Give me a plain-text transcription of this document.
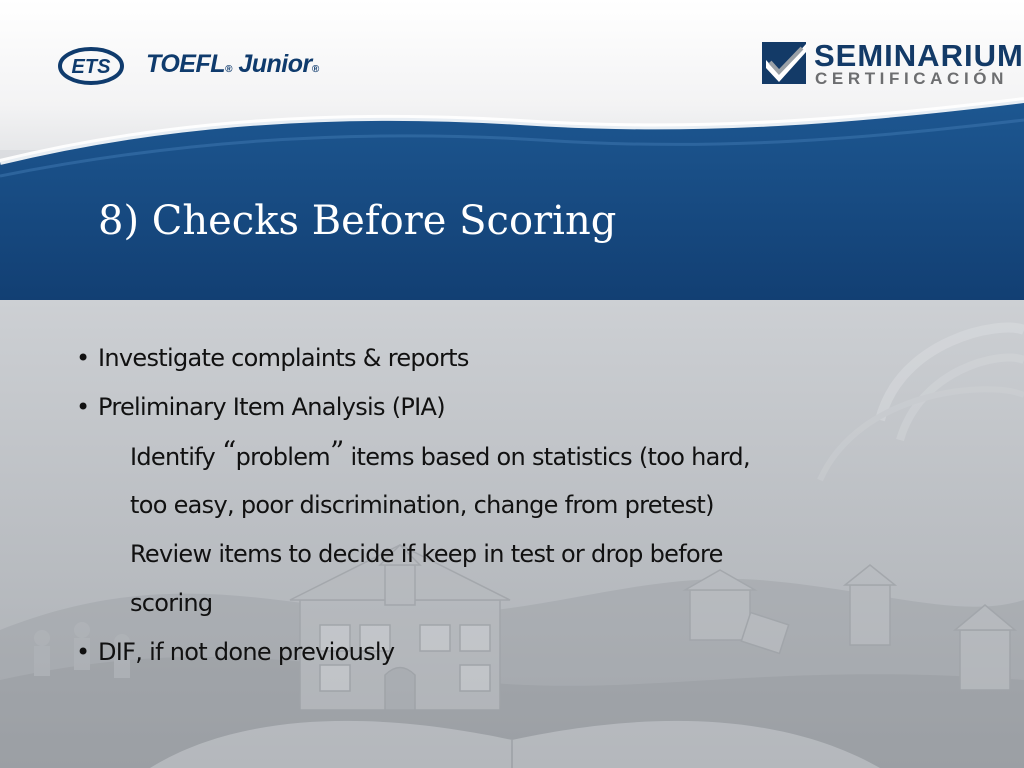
8) Checks Before Scoring
ETS TOEFL® Junior®	SEMINARIUM
CERTIFICACIÓN
• Investigate complaints & reports
• Preliminary Item Analysis (PIA)
Identify “problem” items based on statistics (too hard,
too easy, poor discrimination, change from pretest)
Review items to decide if keep in test or drop before
scoring
• DIF, if not done previously
